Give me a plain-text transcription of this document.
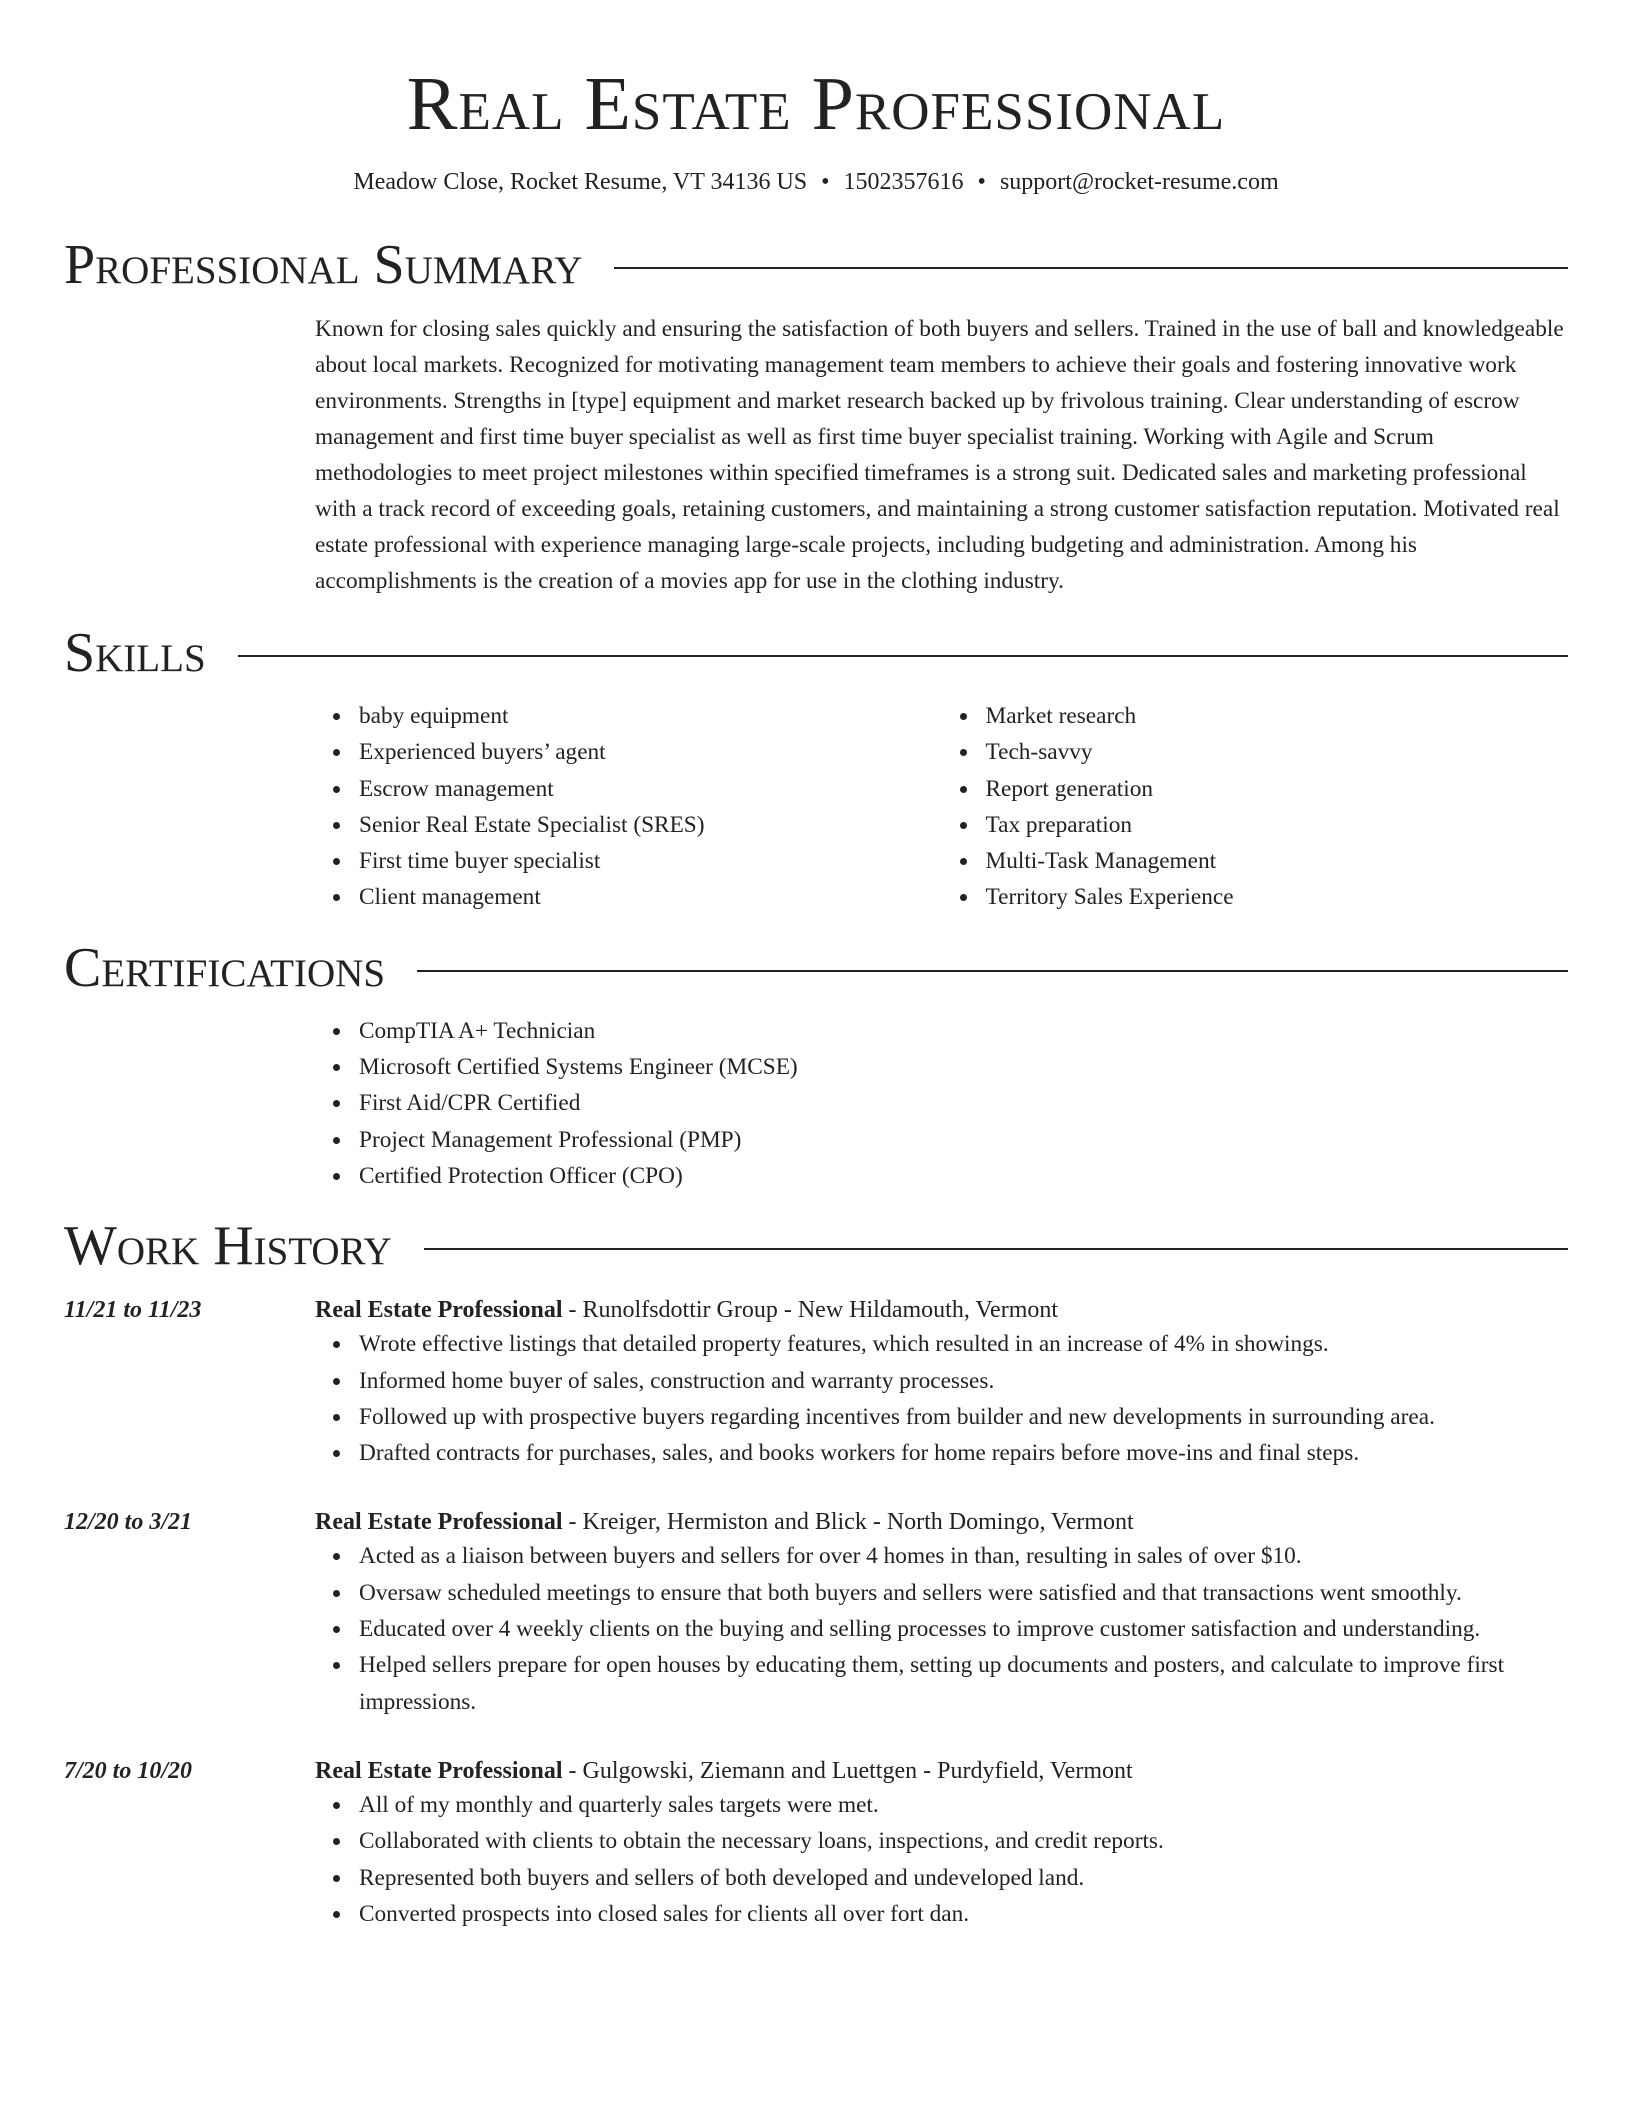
Real Estate Professional
Meadow Close, Rocket Resume, VT 34136 US • 1502357616 • support@rocket-resume.com
Professional Summary

Known for closing sales quickly and ensuring the satisfaction of both buyers and sellers. Trained in the use of ball and knowledgeable about local markets. Recognized for motivating management team members to achieve their goals and fostering innovative work environments. Strengths in [type] equipment and market research backed up by frivolous training. Clear understanding of escrow management and first time buyer specialist as well as first time buyer specialist training. Working with Agile and Scrum methodologies to meet project milestones within specified timeframes is a strong suit. Dedicated sales and marketing professional with a track record of exceeding goals, retaining customers, and maintaining a strong customer satisfaction reputation. Motivated real estate professional with experience managing large-scale projects, including budgeting and administration. Among his accomplishments is the creation of a movies app for use in the clothing industry.

Skills
baby equipment
Experienced buyers’ agent
Escrow management
Senior Real Estate Specialist (SRES)
First time buyer specialist
Client management
Market research
Tech-savvy
Report generation
Tax preparation
Multi-Task Management
Territory Sales Experience
Certifications
CompTIA A+ Technician
Microsoft Certified Systems Engineer (MCSE)
First Aid/CPR Certified
Project Management Professional (PMP)
Certified Protection Officer (CPO)
Work History
11/21 to 11/23	Real Estate Professional - Runolfsdottir Group - New Hildamouth, Vermont
Wrote effective listings that detailed property features, which resulted in an increase of 4% in showings.
Informed home buyer of sales, construction and warranty processes.
Followed up with prospective buyers regarding incentives from builder and new developments in surrounding area.
Drafted contracts for purchases, sales, and books workers for home repairs before move-ins and final steps.
12/20 to 3/21	Real Estate Professional - Kreiger, Hermiston and Blick - North Domingo, Vermont
Acted as a liaison between buyers and sellers for over 4 homes in than, resulting in sales of over $10.
Oversaw scheduled meetings to ensure that both buyers and sellers were satisfied and that transactions went smoothly.
Educated over 4 weekly clients on the buying and selling processes to improve customer satisfaction and understanding.
Helped sellers prepare for open houses by educating them, setting up documents and posters, and calculate to improve first impressions.
7/20 to 10/20	Real Estate Professional - Gulgowski, Ziemann and Luettgen - Purdyfield, Vermont
All of my monthly and quarterly sales targets were met.
Collaborated with clients to obtain the necessary loans, inspections, and credit reports.
Represented both buyers and sellers of both developed and undeveloped land.
Converted prospects into closed sales for clients all over fort dan.
